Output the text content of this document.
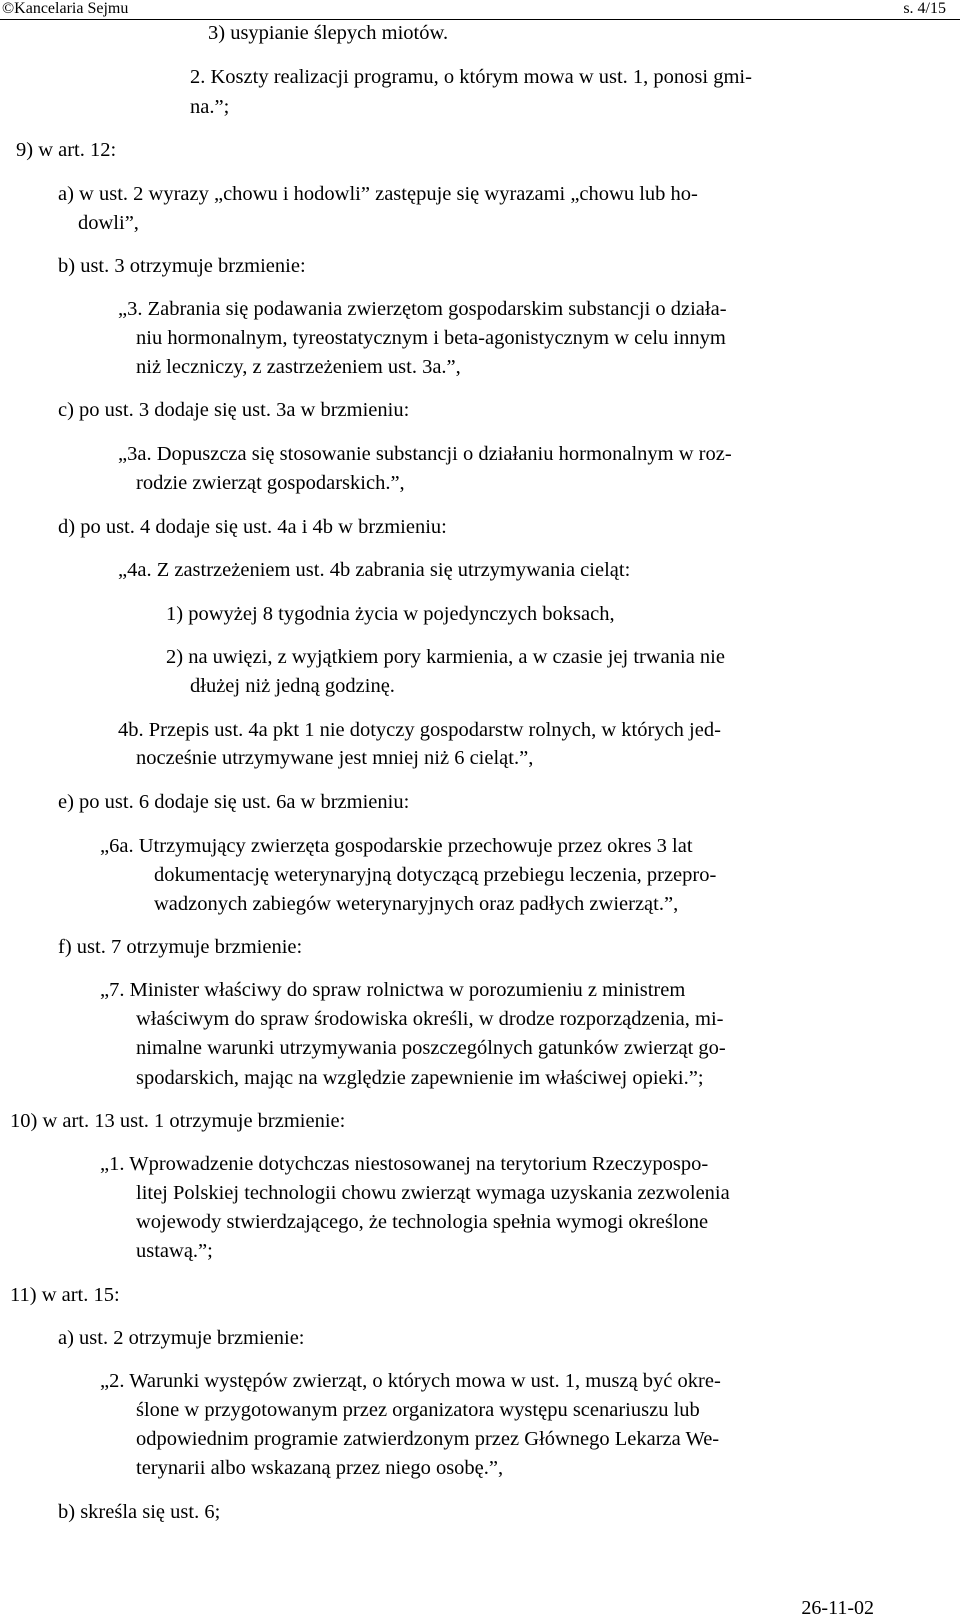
©Kancelaria Sejmu	s. 4/15
3) usypianie ślepych miotów.
2. Koszty realizacji programu, o którym mowa w ust. 1, ponosi gmi-
na.”;
9) w art. 12:
a) w ust. 2 wyrazy „chowu i hodowli” zastępuje się wyrazami „chowu lub ho-
dowli”,
b) ust. 3 otrzymuje brzmienie:
„3. Zabrania się podawania zwierzętom gospodarskim substancji o działa-
niu hormonalnym, tyreostatycznym i beta-agonistycznym w celu innym
niż leczniczy, z zastrzeżeniem ust. 3a.”,
c) po ust. 3 dodaje się ust. 3a w brzmieniu:
„3a. Dopuszcza się stosowanie substancji o działaniu hormonalnym w roz-
rodzie zwierząt gospodarskich.”,
d) po ust. 4 dodaje się ust. 4a i 4b w brzmieniu:
„4a. Z zastrzeżeniem ust. 4b zabrania się utrzymywania cieląt:
1) powyżej 8 tygodnia życia w pojedynczych boksach,
2) na uwięzi, z wyjątkiem pory karmienia, a w czasie jej trwania nie
dłużej niż jedną godzinę.
4b. Przepis ust. 4a pkt 1 nie dotyczy gospodarstw rolnych, w których jed-
nocześnie utrzymywane jest mniej niż 6 cieląt.”,
e) po ust. 6 dodaje się ust. 6a w brzmieniu:
„6a. Utrzymujący zwierzęta gospodarskie przechowuje przez okres 3 lat
dokumentację weterynaryjną dotyczącą przebiegu leczenia, przepro-
wadzonych zabiegów weterynaryjnych oraz padłych zwierząt.”,
f) ust. 7 otrzymuje brzmienie:
„7. Minister właściwy do spraw rolnictwa w porozumieniu z ministrem
właściwym do spraw środowiska określi, w drodze rozporządzenia, mi-
nimalne warunki utrzymywania poszczególnych gatunków zwierząt go-
spodarskich, mając na względzie zapewnienie im właściwej opieki.”;
10) w art. 13 ust. 1 otrzymuje brzmienie:
„1. Wprowadzenie dotychczas niestosowanej na terytorium Rzeczypospo-
litej Polskiej technologii chowu zwierząt wymaga uzyskania zezwolenia
wojewody stwierdzającego, że technologia spełnia wymogi określone
ustawą.”;
11) w art. 15:
a) ust. 2 otrzymuje brzmienie:
„2. Warunki występów zwierząt, o których mowa w ust. 1, muszą być okre-
ślone w przygotowanym przez organizatora występu scenariuszu lub
odpowiednim programie zatwierdzonym przez Głównego Lekarza We-
terynarii albo wskazaną przez niego osobę.”,
b) skreśla się ust. 6;
26-11-02
